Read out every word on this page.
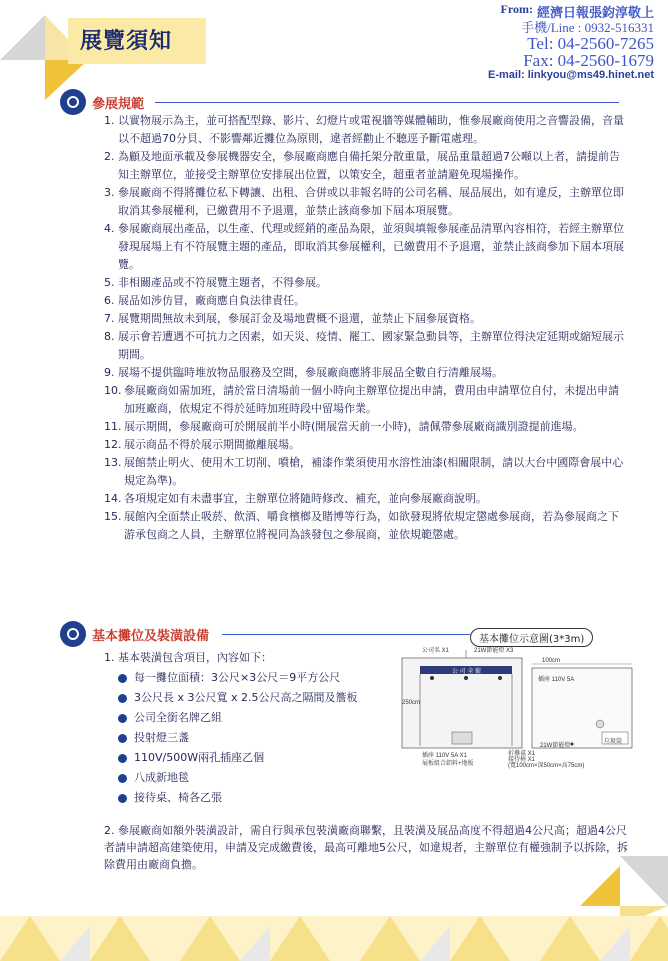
展覽須知
From: 經濟日報張鈞淳敬上
手機/Line : 0932-516331
Tel: 04-2560-7265
Fax: 04-2560-1679
E-mail: linkyou@ms49.hinet.net
參展規範
1. 以實物展示為主，並可搭配型錄、影片、幻燈片或電視牆等媒體輔助，惟參展廠商使用之音響設備，音量以不超過70分貝、不影響鄰近攤位為原則，違者經勸止不聽逕予斷電處理。
2. 為顧及地面承載及參展機器安全，參展廠商應自備托架分散重量，展品重量超過7公噸以上者，請提前告知主辦單位，並接受主辦單位安排展出位置，以策安全，超重者並請避免現場操作。
3. 參展廠商不得將攤位私下轉讓、出租、合併或以非報名時的公司名稱、展品展出，如有違反，主辦單位即取消其參展權利，已繳費用不予退還，並禁止該商參加下屆本項展覽。
4. 參展廠商展出產品，以生產、代理或經銷的產品為限，並須與填報參展產品清單內容相符，若經主辦單位發現展場上有不符展覽主題的產品，即取消其參展權利，已繳費用不予退還，並禁止該商參加下屆本項展覽。
5. 非相關產品或不符展覽主題者，不得參展。
6. 展品如涉仿冒，廠商應自負法律責任。
7. 展覽期間無故未到展，參展訂金及場地費概不退還，並禁止下屆參展資格。
8. 展示會若遭遇不可抗力之因素，如天災、疫情、罷工、國家緊急動員等，主辦單位得決定延期或縮短展示期間。
9. 展場不提供臨時堆放物品服務及空間，參展廠商應將非展品全數自行清離展場。
10. 參展廠商如需加班，請於當日清場前一個小時向主辦單位提出申請，費用由申請單位自付，未提出申請加班廠商，依規定不得於延時加班時段中留場作業。
11. 展示期間，參展廠商可於開展前半小時(開展當天前一小時)，請佩帶參展廠商識別證提前進場。
12. 展示商品不得於展示期間撤離展場。
13. 展館禁止明火、使用木工切削、噴槍，補漆作業須使用水溶性油漆(相關限制，請以大台中國際會展中心規定為準)。
14. 各項規定如有未盡事宜，主辦單位將隨時修改、補充，並向參展廠商說明。
15. 展館內全面禁止吸菸、飲酒、嚼食檳榔及賭博等行為，如欲發現將依規定懲處參展商，若為參展商之下游承包商之人員，主辦單位將視同為該發包之參展商，並依規範懲處。
基本攤位及裝潢設備	基本攤位示意圖(3*3m)
公司名 X1	21W節能燈 X3
公 司 全 銜
250cm
插座 110V 5A X1
展板組合鋁料+地板
折疊桌 X1
接待椅 X1
(寬100cm×深50cm×高75cm)
100cm
插座 110V 5A
21W節能燈
垃圾筒
1. 基本裝潢包含項目，內容如下：
每一攤位面積：3公尺×3公尺＝9平方公尺
3公尺長 x 3公尺寬 x 2.5公尺高之隔間及簷板
公司全銜名牌乙組
投射燈三盞
110V/500W兩孔插座乙個
八成新地毯
接待桌、椅各乙張
2. 參展廠商如額外裝潢設計，需自行與承包裝潢廠商聯繫，且裝潢及展品高度不得超過4公尺高；超過4公尺者請申請超高建築使用，申請及完成繳費後，最高可離地5公尺，如違規者，主辦單位有權強制予以拆除，拆除費用由廠商負擔。
